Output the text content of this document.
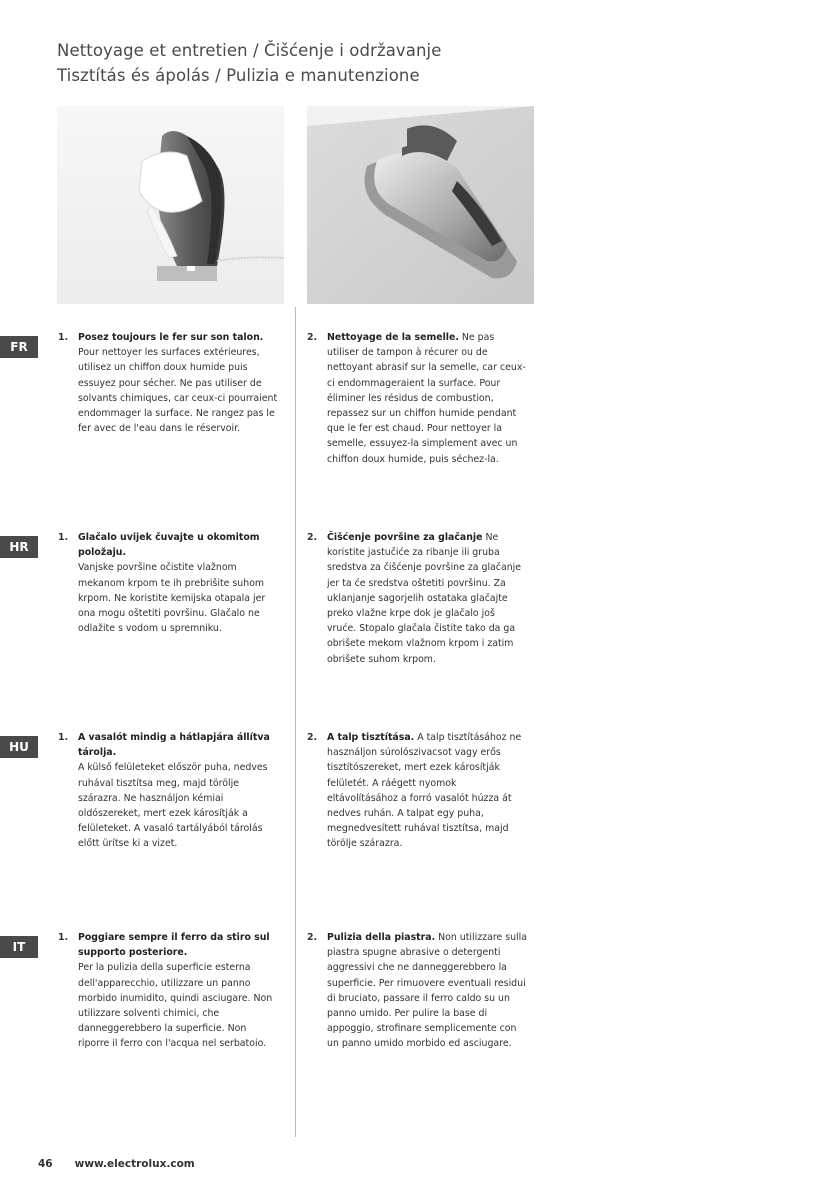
Nettoyage et entretien / Čišćenje i održavanje
Tisztítás és ápolás / Pulizia e manutenzione
FR
1. Posez toujours le fer sur son talon.
Pour nettoyer les surfaces extérieures, utilisez un chiffon doux humide puis essuyez pour sécher. Ne pas utiliser de solvants chimiques, car ceux-ci pourraient endommager la surface. Ne rangez pas le fer avec de l'eau dans le réservoir.
2. Nettoyage de la semelle. Ne pas utiliser de tampon à récurer ou de nettoyant abrasif sur la semelle, car ceux-ci endommageraient la surface. Pour éliminer les résidus de combustion, repassez sur un chiffon humide pendant que le fer est chaud. Pour nettoyer la semelle, essuyez-la simplement avec un chiffon doux humide, puis séchez-la.
HR
1. Glačalo uvijek čuvajte u okomitom položaju.
Vanjske površine očistite vlažnom mekanom krpom te ih prebrišite suhom krpom. Ne koristite kemijska otapala jer ona mogu oštetiti površinu. Glačalo ne odlažite s vodom u spremniku.
2. Čišćenje površine za glačanje Ne koristite jastučiće za ribanje ili gruba sredstva za čišćenje površine za glačanje jer ta će sredstva oštetiti površinu. Za uklanjanje sagorjelih ostataka glačajte preko vlažne krpe dok je glačalo još vruće. Stopalo glačala čistite tako da ga obrišete mekom vlažnom krpom i zatim obrišete suhom krpom.
HU
1. A vasalót mindig a hátlapjára állítva tárolja.
A külső felületeket először puha, nedves ruhával tisztítsa meg, majd törölje szárazra. Ne használjon kémiai oldószereket, mert ezek károsítják a felületeket. A vasaló tartályából tárolás előtt ürítse ki a vizet.
2. A talp tisztítása. A talp tisztításához ne használjon súrolószivacsot vagy erős tisztítószereket, mert ezek károsítják felületét. A ráégett nyomok eltávolításához a forró vasalót húzza át nedves ruhán. A talpat egy puha, megnedvesített ruhával tisztítsa, majd törölje szárazra.
IT
1. Poggiare sempre il ferro da stiro sul supporto posteriore.
Per la pulizia della superficie esterna dell'apparecchio, utilizzare un panno morbido inumidito, quindi asciugare. Non utilizzare solventi chimici, che danneggerebbero la superficie. Non riporre il ferro con l'acqua nel serbatoio.
2. Pulizia della piastra. Non utilizzare sulla piastra spugne abrasive o detergenti aggressivi che ne danneggerebbero la superficie. Per rimuovere eventuali residui di bruciato, passare il ferro caldo su un panno umido. Per pulire la base di appoggio, strofinare semplicemente con un panno umido morbido ed asciugare.
46 www.electrolux.com
